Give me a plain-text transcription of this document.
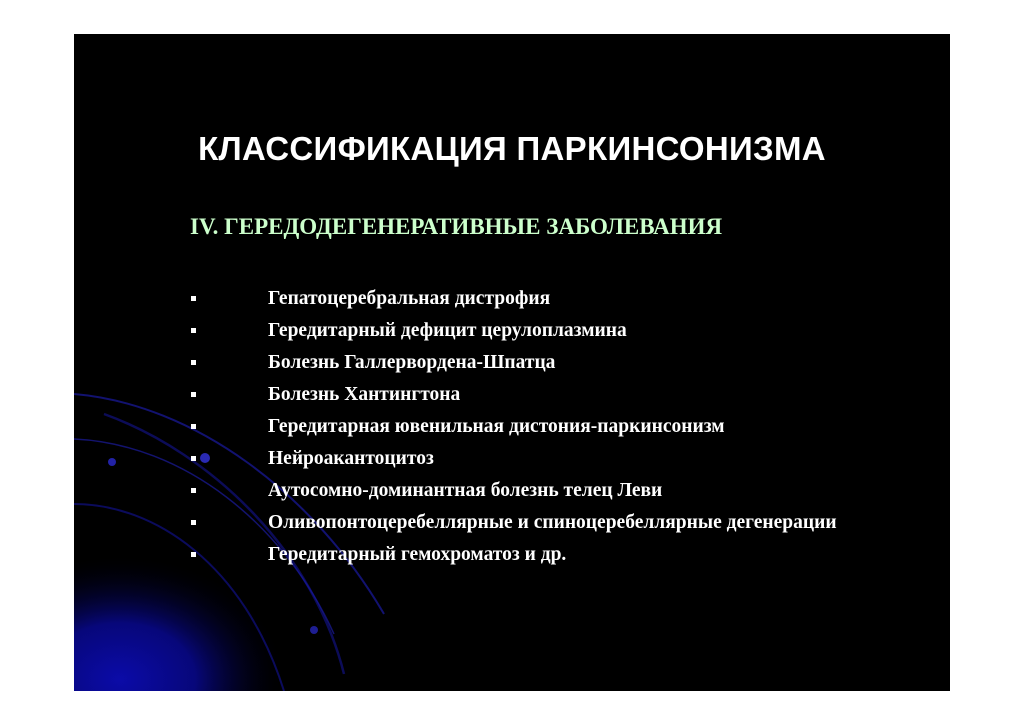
КЛАССИФИКАЦИЯ ПАРКИНСОНИЗМА
IV. ГЕРЕДОДЕГЕНЕРАТИВНЫЕ ЗАБОЛЕВАНИЯ
Гепатоцеребральная дистрофия
Гередитарный дефицит церулоплазмина
Болезнь Галлервордена-Шпатца
Болезнь Хантингтона
Гередитарная ювенильная дистония-паркинсонизм
Нейроакантоцитоз
Аутосомно-доминантная болезнь телец Леви
Оливопонтоцеребеллярные и спиноцеребеллярные дегенерации
Гередитарный гемохроматоз и др.
